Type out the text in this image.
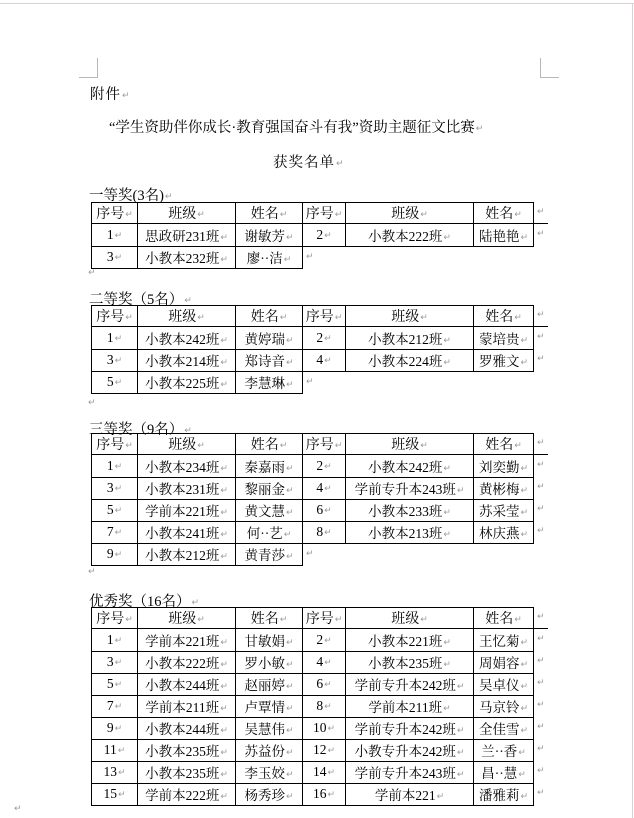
附件↵
“学生资助伴你成长·教育强国奋斗有我”资助主题征文比赛↵
获奖名单↵
一等奖(3名)↵
序号↵	班级↵	姓名↵	序号↵	班级↵	姓名↵	↵
1↵	思政研231班↵	谢敏芳↵	2↵	小教本222班↵	陆艳艳↵	↵
3↵	小教本232班↵	廖··洁↵	↵			
二等奖（5名）↵
序号↵	班级↵	姓名↵	序号↵	班级↵	姓名↵	↵
1↵	小教本242班↵	黄婷瑞↵	2↵	小教本212班↵	蒙培贵↵	↵
3↵	小教本214班↵	郑诗音↵	4↵	小教本224班↵	罗雅文↵	↵
5↵	小教本225班↵	李慧琳↵	↵			
三等奖（9名）↵
序号↵	班级↵	姓名↵	序号↵	班级↵	姓名↵	↵
1↵	小教本234班↵	秦嘉雨↵	2↵	小教本242班↵	刘奕勤↵	↵
3↵	小教本231班↵	黎丽金↵	4↵	学前专升本243班↵	黄彬梅↵	↵
5↵	学前本221班↵	黄文慧↵	6↵	小教本233班↵	苏采莹↵	↵
7↵	小教本241班↵	何··艺↵	8↵	小教本213班↵	林庆燕↵	↵
9↵	小教本212班↵	黄青莎↵	↵			
优秀奖（16名）↵
序号↵	班级↵	姓名↵	序号↵	班级↵	姓名↵	↵
1↵	学前本221班↵	甘敏娟↵	2↵	小教本221班↵	王忆菊↵	↵
3↵	小教本222班↵	罗小敏↵	4↵	小教本235班↵	周娟容↵	↵
5↵	小教本244班↵	赵丽婷↵	6↵	学前专升本242班↵	吴卓仪↵	↵
7↵	学前本211班↵	卢覃情↵	8↵	学前本211班↵	马京铃↵	↵
9↵	小教本244班↵	吴慧伟↵	10↵	学前专升本242班↵	全佳雪↵	↵
11↵	小教本235班↵	苏益份↵	12↵	小教专升本242班↵	兰··香↵	↵
13↵	小教本235班↵	李玉姣↵	14↵	学前专升本243班↵	昌··慧↵	↵
15↵	学前本222班↵	杨秀珍↵	16↵	学前本221↵	潘雅莉↵	↵
↵
↵
↵
↵
